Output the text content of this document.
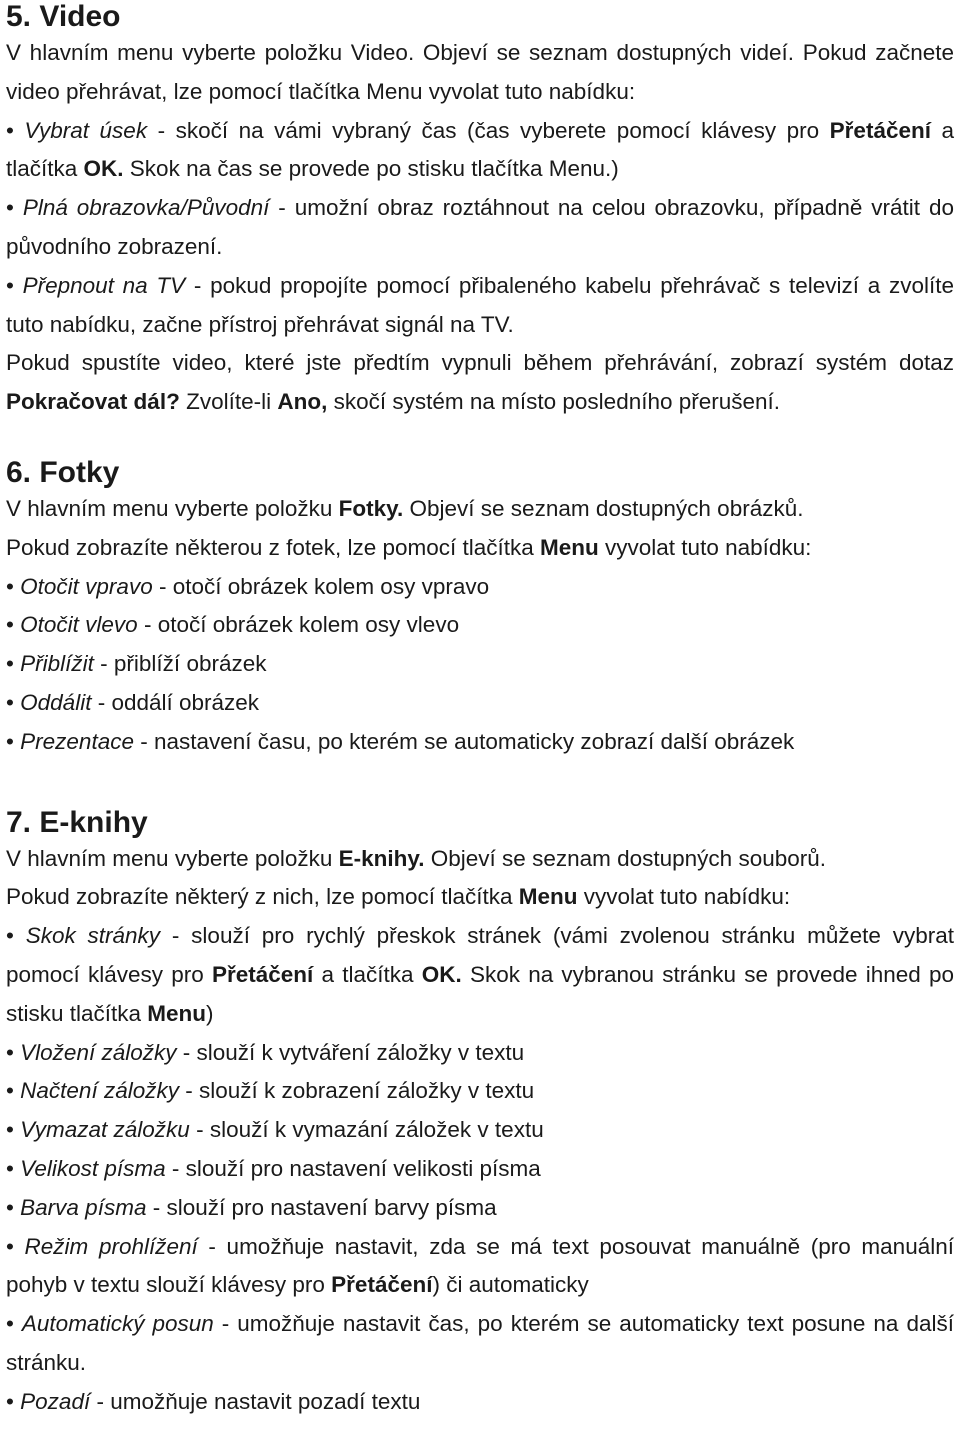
5. Video

V hlavním menu vyberte položku Video. Objeví se seznam dostupných videí. Pokud začnete video přehrávat, lze pomocí tlačítka Menu vyvolat tuto nabídku:

• Vybrat úsek - skočí na vámi vybraný čas (čas vyberete pomocí klávesy pro Přetáčení a tlačítka OK. Skok na čas se provede po stisku tlačítka Menu.)

• Plná obrazovka/Původní - umožní obraz roztáhnout na celou obrazovku, případně vrátit do původního zobrazení.

• Přepnout na TV - pokud propojíte pomocí přibaleného kabelu přehrávač s televizí a zvolíte tuto nabídku, začne přístroj přehrávat signál na TV.

Pokud spustíte video, které jste předtím vypnuli během přehrávání, zobrazí systém dotaz Pokračovat dál? Zvolíte-li Ano, skočí systém na místo posledního přerušení.

6. Fotky

V hlavním menu vyberte položku Fotky. Objeví se seznam dostupných obrázků.

Pokud zobrazíte některou z fotek, lze pomocí tlačítka Menu vyvolat tuto nabídku:

• Otočit vpravo - otočí obrázek kolem osy vpravo

• Otočit vlevo - otočí obrázek kolem osy vlevo

• Přiblížit - přiblíží obrázek

• Oddálit - oddálí obrázek

• Prezentace - nastavení času, po kterém se automaticky zobrazí další obrázek

7. E-knihy

V hlavním menu vyberte položku E-knihy. Objeví se seznam dostupných souborů.

Pokud zobrazíte některý z nich, lze pomocí tlačítka Menu vyvolat tuto nabídku:

• Skok stránky - slouží pro rychlý přeskok stránek (vámi zvolenou stránku můžete vybrat pomocí klávesy pro Přetáčení a tlačítka OK. Skok na vybranou stránku se provede ihned po stisku tlačítka Menu)

• Vložení záložky - slouží k vytváření záložky v textu

• Načtení záložky - slouží k zobrazení záložky v textu

• Vymazat záložku - slouží k vymazání záložek v textu

• Velikost písma - slouží pro nastavení velikosti písma

• Barva písma - slouží pro nastavení barvy písma

• Režim prohlížení - umožňuje nastavit, zda se má text posouvat manuálně (pro manuální pohyb v textu slouží klávesy pro Přetáčení) či automaticky

• Automatický posun - umožňuje nastavit čas, po kterém se automaticky text posune na další stránku.

• Pozadí - umožňuje nastavit pozadí textu
